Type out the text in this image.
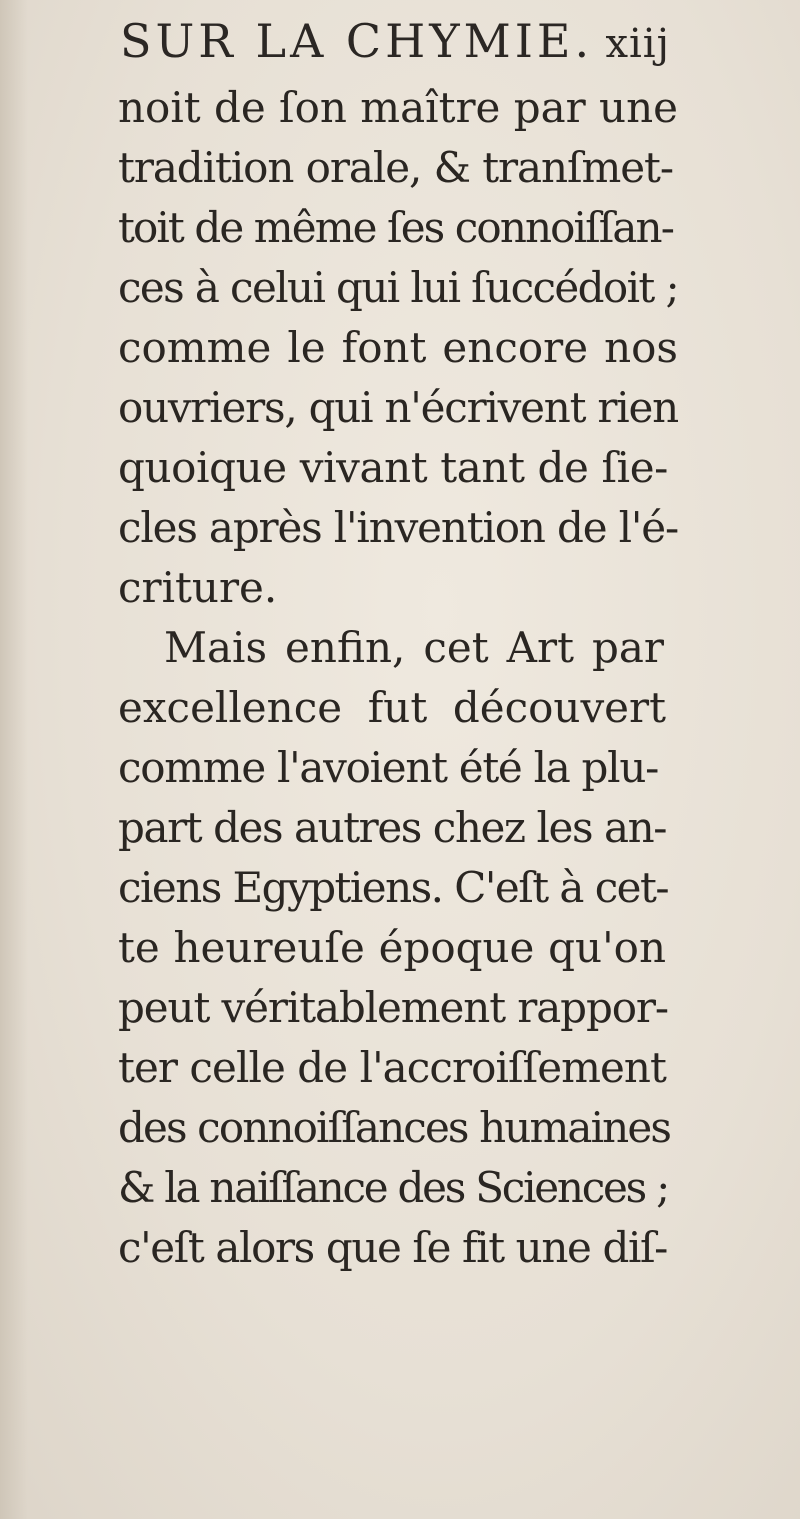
SUR LA CHYMIE. xiij
noit de ſon maître par une
tradition orale, & tranſmet-
toit de même ſes connoiſſan-
ces à celui qui lui ſuccédoit ;
comme le font encore nos
ouvriers, qui n'écrivent rien
quoique vivant tant de ſie-
cles après l'invention de l'é-
criture.
Mais enfin, cet Art par
excellence fut découvert
comme l'avoient été la plu-
part des autres chez les an-
ciens Egyptiens. C'eſt à cet-
te heureuſe époque qu'on
peut véritablement rappor-
ter celle de l'accroiſſement
des connoiſſances humaines
& la naiſſance des Sciences ;
c'eſt alors que ſe fit une diſ-
